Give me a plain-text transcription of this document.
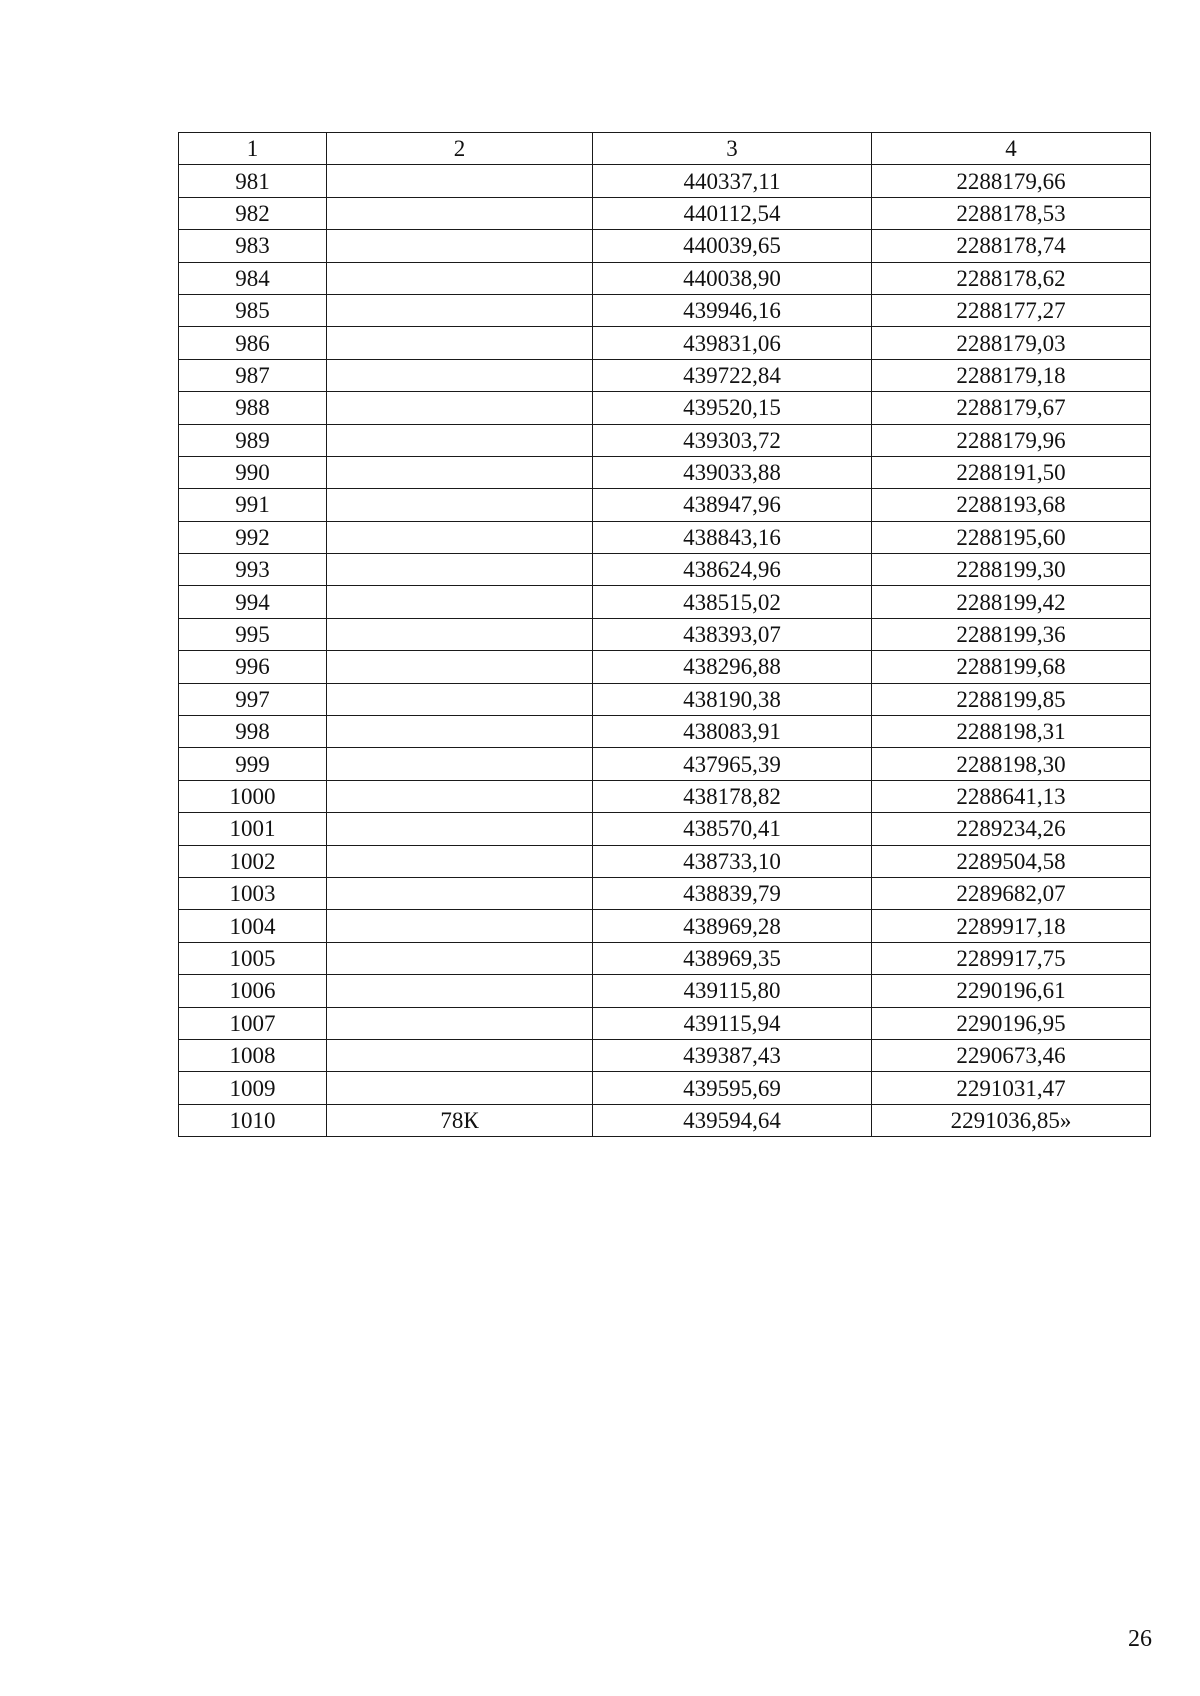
1	2	3	4
981		440337,11	2288179,66
982		440112,54	2288178,53
983		440039,65	2288178,74
984		440038,90	2288178,62
985		439946,16	2288177,27
986		439831,06	2288179,03
987		439722,84	2288179,18
988		439520,15	2288179,67
989		439303,72	2288179,96
990		439033,88	2288191,50
991		438947,96	2288193,68
992		438843,16	2288195,60
993		438624,96	2288199,30
994		438515,02	2288199,42
995		438393,07	2288199,36
996		438296,88	2288199,68
997		438190,38	2288199,85
998		438083,91	2288198,31
999		437965,39	2288198,30
1000		438178,82	2288641,13
1001		438570,41	2289234,26
1002		438733,10	2289504,58
1003		438839,79	2289682,07
1004		438969,28	2289917,18
1005		438969,35	2289917,75
1006		439115,80	2290196,61
1007		439115,94	2290196,95
1008		439387,43	2290673,46
1009		439595,69	2291031,47
1010	78К	439594,64	2291036,85»
26
